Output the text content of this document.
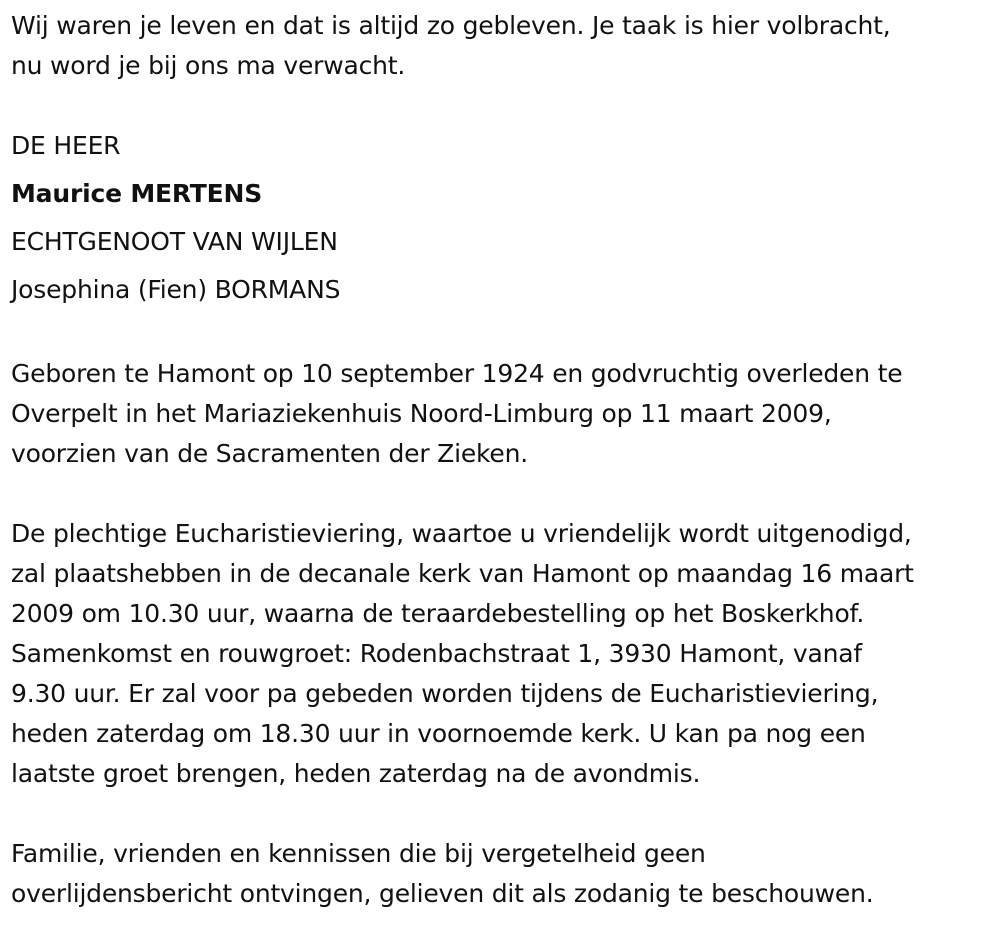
Wij waren je leven en dat is altijd zo gebleven. Je taak is hier volbracht,
nu word je bij ons ma verwacht.
DE HEER
Maurice MERTENS
ECHTGENOOT VAN WIJLEN
Josephina (Fien) BORMANS
Geboren te Hamont op 10 september 1924 en godvruchtig overleden te
Overpelt in het Mariaziekenhuis Noord-Limburg op 11 maart 2009,
voorzien van de Sacramenten der Zieken.
De plechtige Eucharistieviering, waartoe u vriendelijk wordt uitgenodigd,
zal plaatshebben in de decanale kerk van Hamont op maandag 16 maart
2009 om 10.30 uur, waarna de teraardebestelling op het Boskerkhof.
Samenkomst en rouwgroet: Rodenbachstraat 1, 3930 Hamont, vanaf
9.30 uur. Er zal voor pa gebeden worden tijdens de Eucharistieviering,
heden zaterdag om 18.30 uur in voornoemde kerk. U kan pa nog een
laatste groet brengen, heden zaterdag na de avondmis.
Familie, vrienden en kennissen die bij vergetelheid geen
overlijdensbericht ontvingen, gelieven dit als zodanig te beschouwen.
